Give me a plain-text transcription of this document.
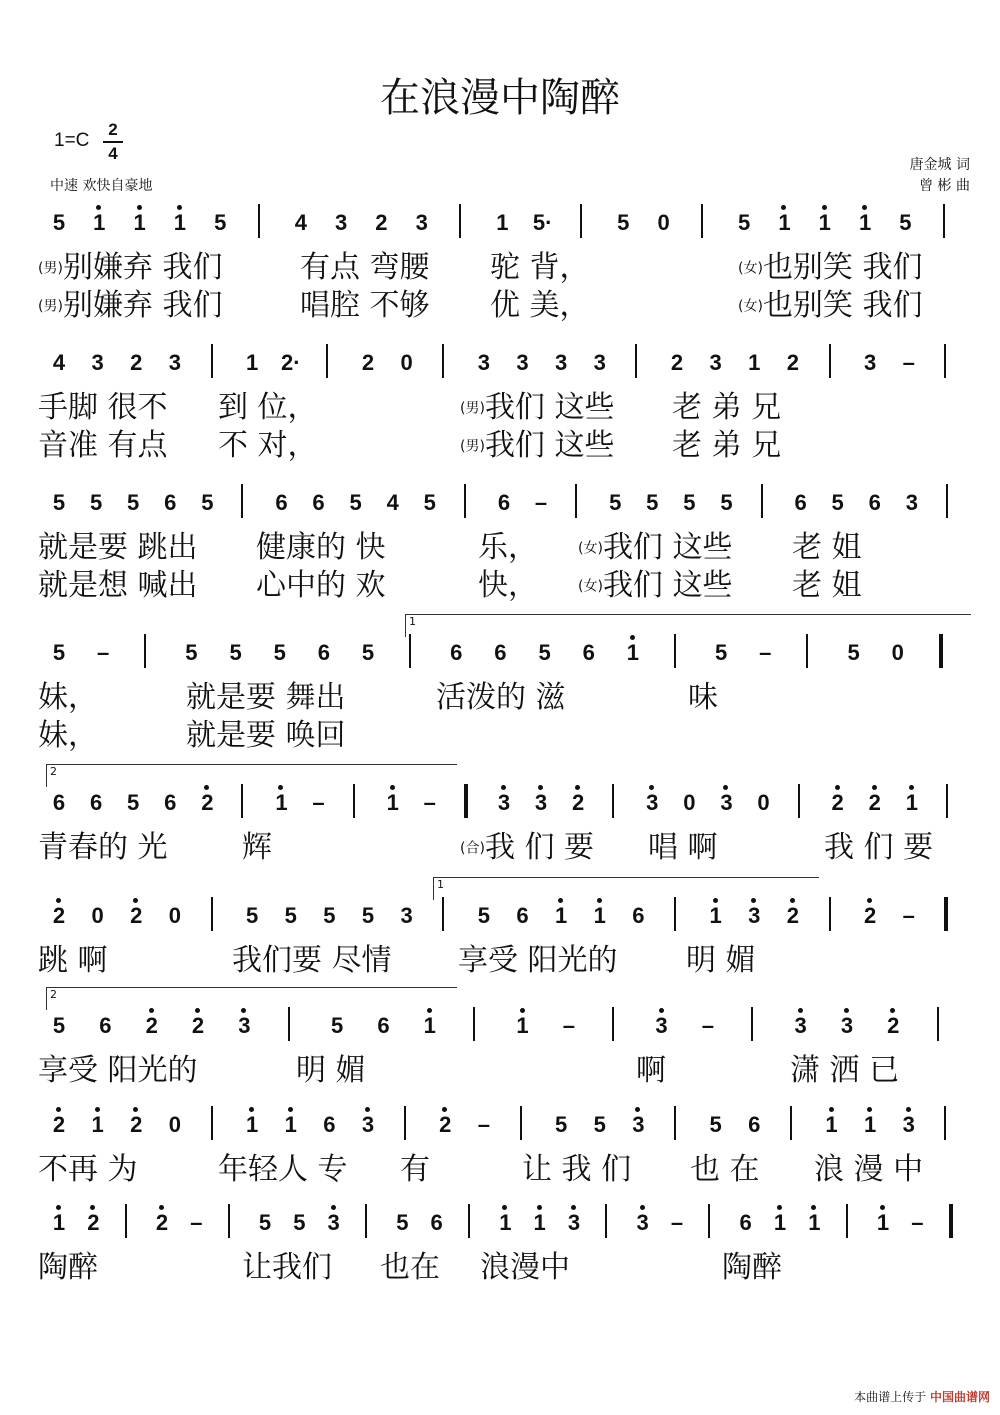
在浪漫中陶醉
1=C
2
4
中速 欢快自豪地
唐金城 词
曾 彬 曲
5 1 1 1 5	4 3 2 3	1 5·	5 0	5 1 1 1 5
(男)别嫌弃 我们	有点 弯腰 驼 背，	(女)也别笑 我们
(男)别嫌弃 我们	唱腔 不够 优 美，	(女)也别笑 我们
4 3 2 3	1 2·	2 0	3 3 3 3	2 3 1 2	3 –
手脚 很不 到 位，	(男)我们 这些 老 弟 兄
音准 有点 不 对，	(男)我们 这些 老 弟 兄
5 5 5 6 5	6 6 5 4 5	6 –	5 5 5 5	6 5 6 3
就是要 跳出 健康的 快	乐，	(女)我们 这些 老 姐
就是想 喊出 心中的 欢	快，	(女)我们 这些 老 姐
5 –	5 5 5 6 5	6 6 5 6 1	5 –	5 0
1
妹，	就是要 舞出	活泼的 滋	味
妹，	就是要 唤回
6 6 5 6 2	1 –	1 –	3 3 2	3 0 3 0	2 2 1
2
青春的 光 辉	(合)我 们 要 唱 啊	我 们 要
2 0 2 0	5 5 5 5 3	5 6 1 1 6	1 3 2	2 –
1
跳 啊	我们要 尽情 享受 阳光的 明 媚
5 6 2 2 3	5 6 1	1 –	3 –	3 3 2
2
享受 阳光的	明 媚	啊	潇 洒 已
2 1 2 0	1 1 6 3	2 –	5 5 3	5 6	1 1 3
不再 为	年轻人 专 有	让 我 们 也 在 浪 漫 中
1 2	2 –	5 5 3	5 6	1 1 3	3 –	6 1 1	1 –
陶醉	让我们 也在 浪漫中	陶醉
本曲谱上传于 中国曲谱网
